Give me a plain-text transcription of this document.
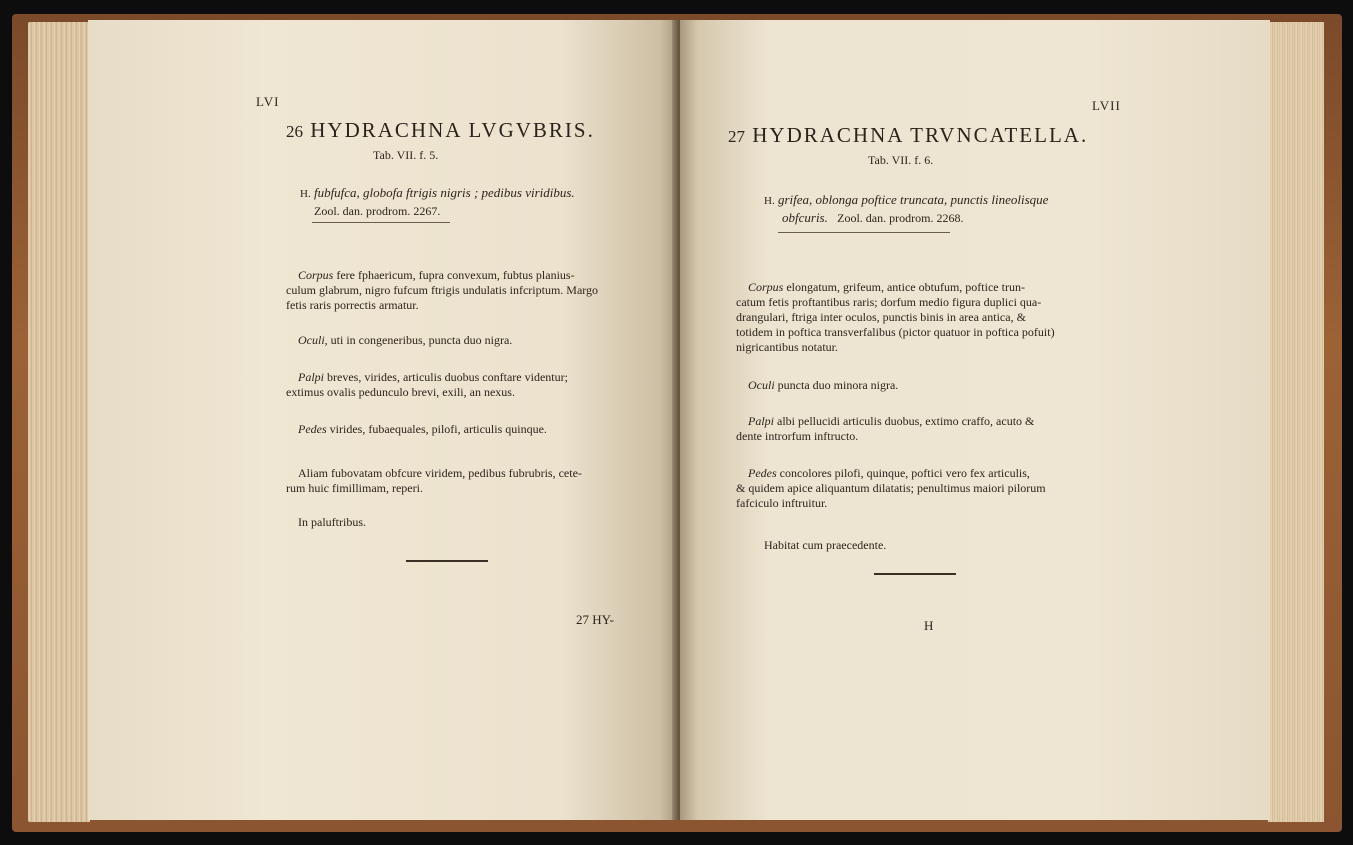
LVI
26 HYDRACHNA LVGVBRIS.
Tab. VII. f. 5.
H. fubfufca, globofa ftrigis nigris ; pedibus viridibus.
Zool. dan. prodrom. 2267.
Corpus fere fphaericum, fupra convexum, fubtus planius-
culum glabrum, nigro fufcum ftrigis undulatis infcriptum. Margo
fetis raris porrectis armatur.
Oculi, uti in congeneribus, puncta duo nigra.
Palpi breves, virides, articulis duobus conftare videntur;
extimus ovalis pedunculo brevi, exili, an nexus.
Pedes virides, fubaequales, pilofi, articulis quinque.
Aliam fubovatam obfcure viridem, pedibus fubrubris, cete-
rum huic fimillimam, reperi.
In paluftribus.
27 HY-
LVII
27 HYDRACHNA TRVNCATELLA.
Tab. VII. f. 6.
H. grifea, oblonga poftice truncata, punctis lineolisque
obfcuris. Zool. dan. prodrom. 2268.
Corpus elongatum, grifeum, antice obtufum, poftice trun-
catum fetis proftantibus raris; dorfum medio figura duplici qua-
drangulari, ftriga inter oculos, punctis binis in area antica, &
totidem in poftica transverfalibus (pictor quatuor in poftica pofuit)
nigricantibus notatur.
Oculi puncta duo minora nigra.
Palpi albi pellucidi articulis duobus, extimo craffo, acuto &
dente introrfum inftructo.
Pedes concolores pilofi, quinque, poftici vero fex articulis,
& quidem apice aliquantum dilatatis; penultimus maiori pilorum
fafciculo inftruitur.
Habitat cum praecedente.
H
